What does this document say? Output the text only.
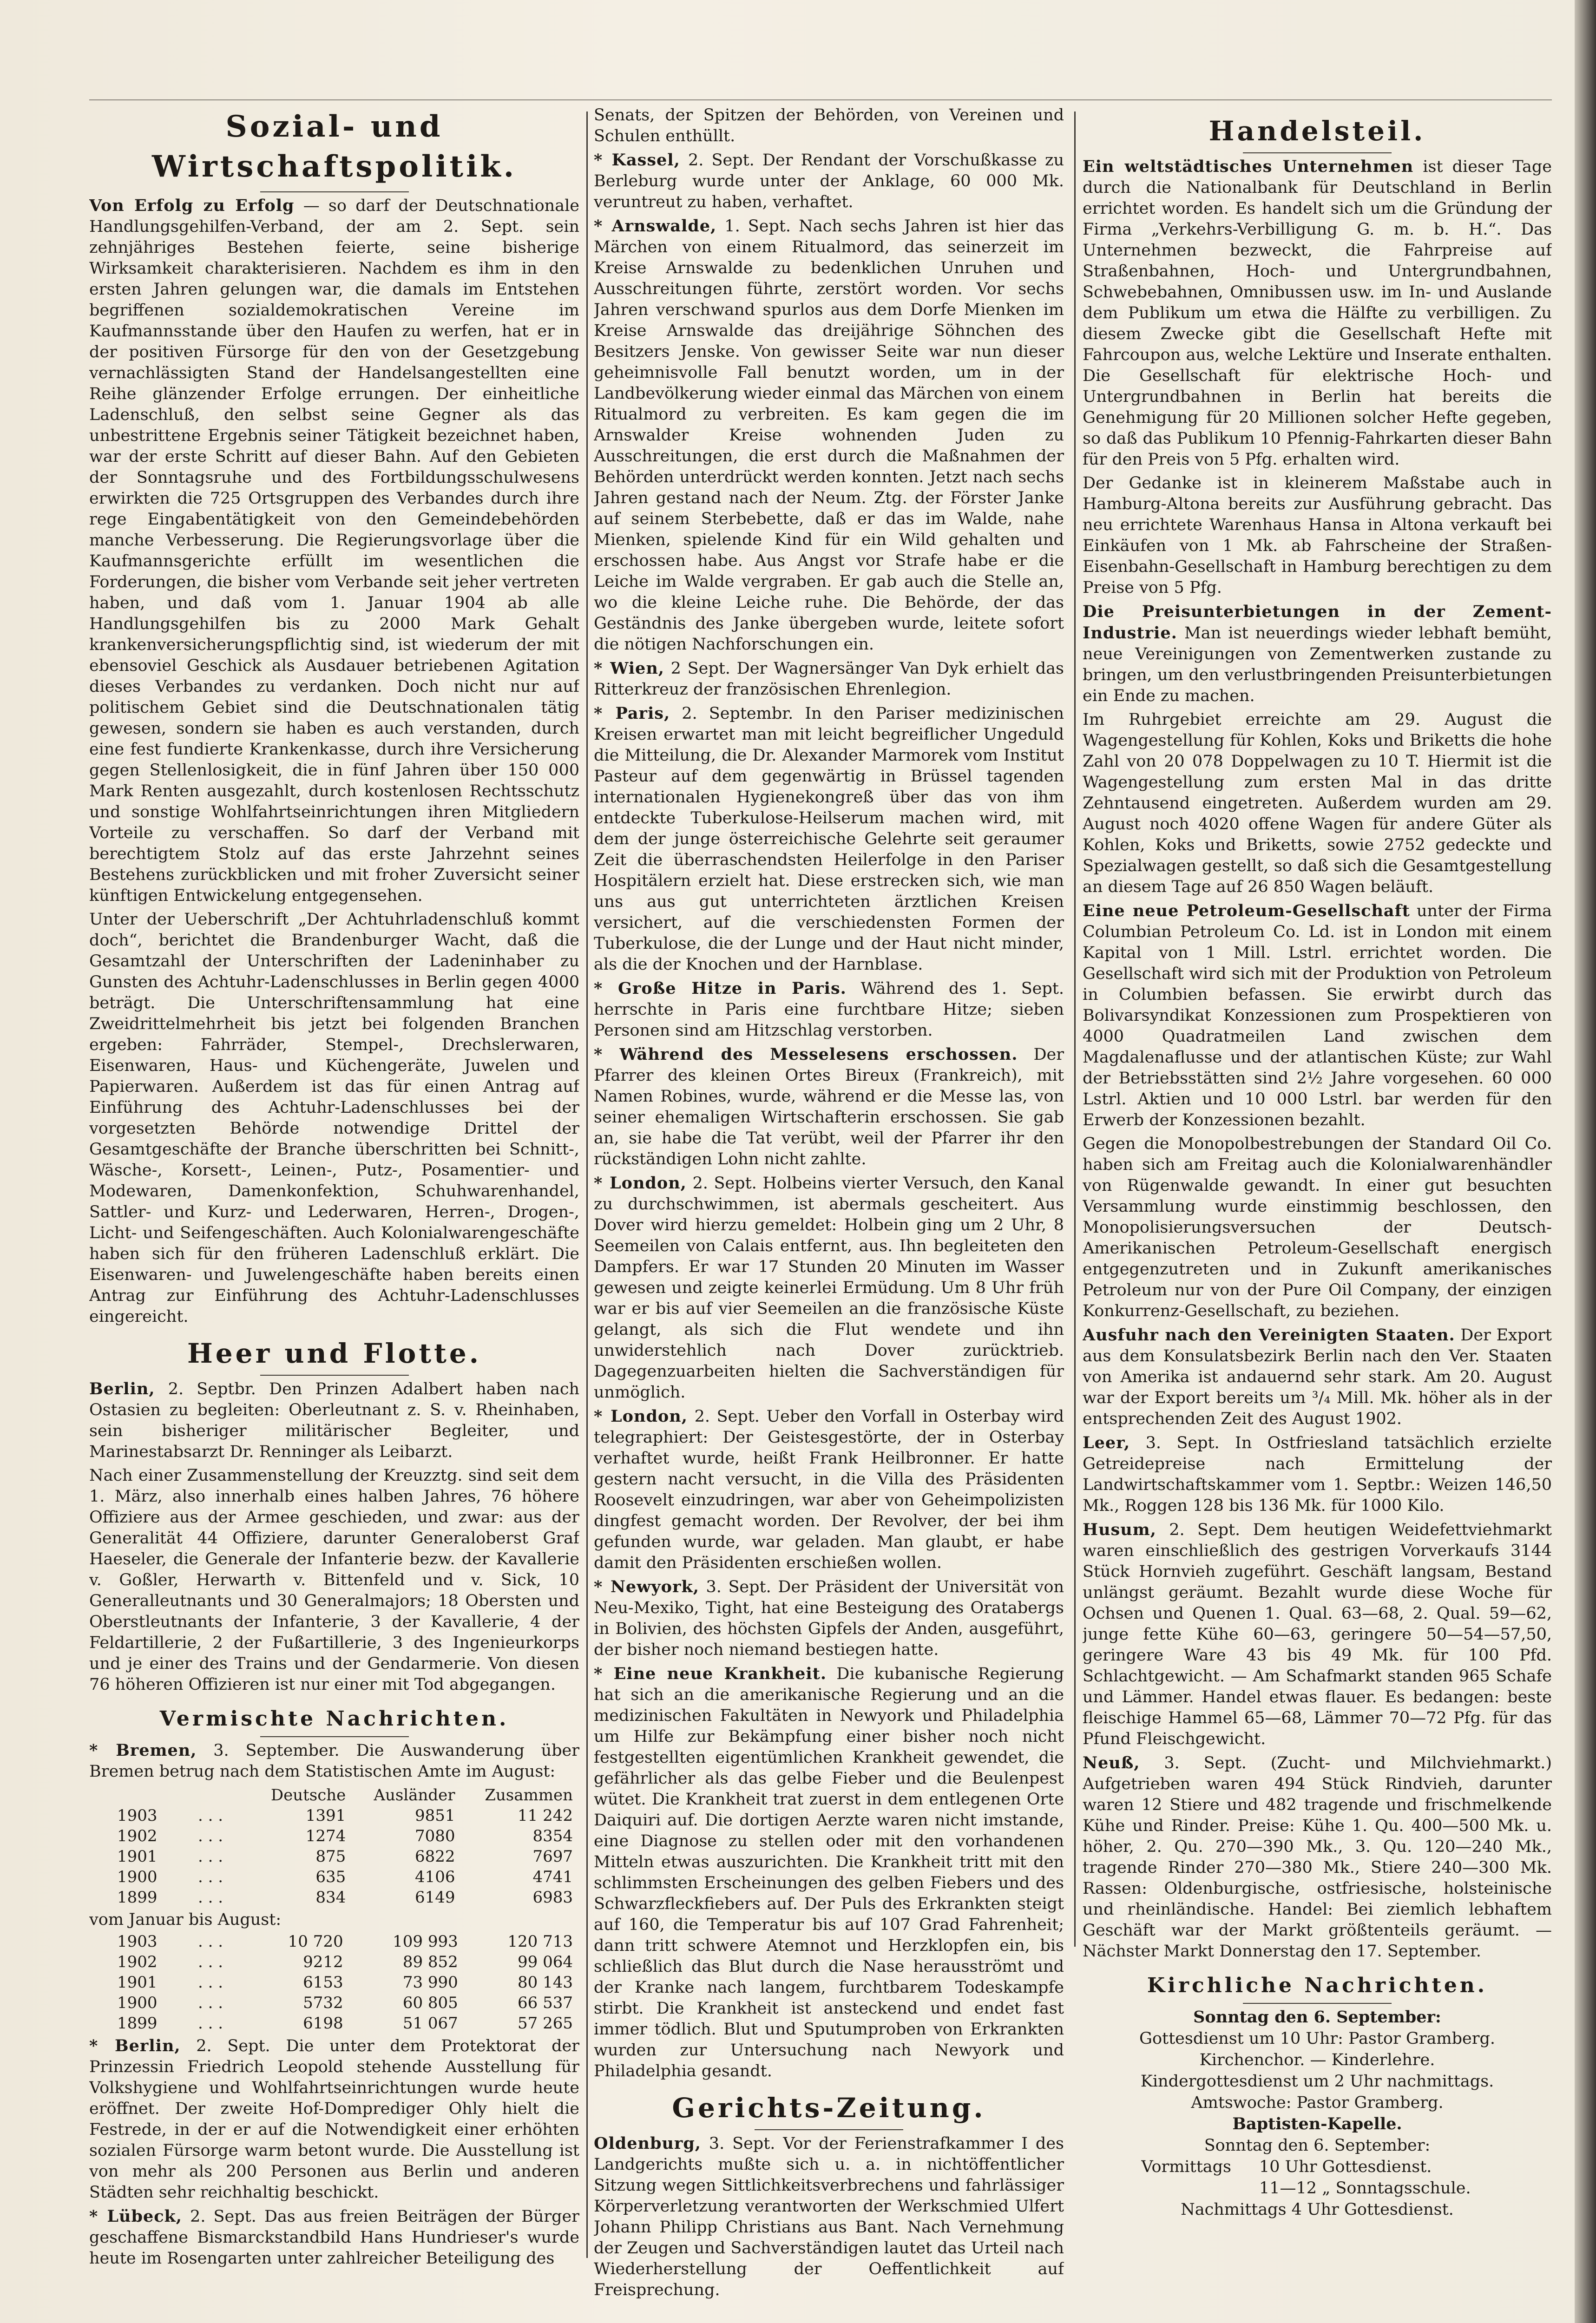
Sozial- und Wirtschaftspolitik.

Von Erfolg zu Erfolg — so darf der Deutschnationale Handlungsgehilfen-Verband, der am 2. Sept. sein zehnjähriges Bestehen feierte, seine bisherige Wirksamkeit charakterisieren. Nachdem es ihm in den ersten Jahren gelungen war, die damals im Entstehen begriffenen sozialdemokratischen Vereine im Kaufmannsstande über den Haufen zu werfen, hat er in der positiven Fürsorge für den von der Gesetzgebung vernachlässigten Stand der Handelsangestellten eine Reihe glänzender Erfolge errungen. Der einheitliche Ladenschluß, den selbst seine Gegner als das unbestrittene Ergebnis seiner Tätigkeit bezeichnet haben, war der erste Schritt auf dieser Bahn. Auf den Gebieten der Sonntagsruhe und des Fortbildungsschulwesens erwirkten die 725 Ortsgruppen des Verbandes durch ihre rege Eingabentätigkeit von den Gemeindebehörden manche Verbesserung. Die Regierungsvorlage über die Kaufmannsgerichte erfüllt im wesentlichen die Forderungen, die bisher vom Verbande seit jeher vertreten haben, und daß vom 1. Januar 1904 ab alle Handlungsgehilfen bis zu 2000 Mark Gehalt krankenversicherungspflichtig sind, ist wiederum der mit ebensoviel Geschick als Ausdauer betriebenen Agitation dieses Verbandes zu verdanken. Doch nicht nur auf politischem Gebiet sind die Deutschnationalen tätig gewesen, sondern sie haben es auch verstanden, durch eine fest fundierte Krankenkasse, durch ihre Versicherung gegen Stellenlosigkeit, die in fünf Jahren über 150 000 Mark Renten ausgezahlt, durch kostenlosen Rechtsschutz und sonstige Wohlfahrtseinrichtungen ihren Mitgliedern Vorteile zu verschaffen. So darf der Verband mit berechtigtem Stolz auf das erste Jahrzehnt seines Bestehens zurückblicken und mit froher Zuversicht seiner künftigen Entwickelung entgegensehen.

Unter der Ueberschrift „Der Achtuhrladenschluß kommt doch“, berichtet die Brandenburger Wacht, daß die Gesamtzahl der Unterschriften der Ladeninhaber zu Gunsten des Achtuhr-Ladenschlusses in Berlin gegen 4000 beträgt. Die Unterschriftensammlung hat eine Zweidrittelmehrheit bis jetzt bei folgenden Branchen ergeben: Fahrräder, Stempel-, Drechslerwaren, Eisenwaren, Haus- und Küchengeräte, Juwelen und Papierwaren. Außerdem ist das für einen Antrag auf Einführung des Achtuhr-Ladenschlusses bei der vorgesetzten Behörde notwendige Drittel der Gesamtgeschäfte der Branche überschritten bei Schnitt-, Wäsche-, Korsett-, Leinen-, Putz-, Posamentier- und Modewaren, Damenkonfektion, Schuhwarenhandel, Sattler- und Kurz- und Lederwaren, Herren-, Drogen-, Licht- und Seifengeschäften. Auch Kolonialwarengeschäfte haben sich für den früheren Ladenschluß erklärt. Die Eisenwaren- und Juwelengeschäfte haben bereits einen Antrag zur Einführung des Achtuhr-Ladenschlusses eingereicht.

Heer und Flotte.

Berlin, 2. Septbr. Den Prinzen Adalbert haben nach Ostasien zu begleiten: Oberleutnant z. S. v. Rheinhaben, sein bisheriger militärischer Begleiter, und Marinestabsarzt Dr. Renninger als Leibarzt.

Nach einer Zusammenstellung der Kreuzztg. sind seit dem 1. März, also innerhalb eines halben Jahres, 76 höhere Offiziere aus der Armee geschieden, und zwar: aus der Generalität 44 Offiziere, darunter Generaloberst Graf Haeseler, die Generale der Infanterie bezw. der Kavallerie v. Goßler, Herwarth v. Bittenfeld und v. Sick, 10 Generalleutnants und 30 Generalmajors; 18 Obersten und Oberstleutnants der Infanterie, 3 der Kavallerie, 4 der Feldartillerie, 2 der Fußartillerie, 3 des Ingenieurkorps und je einer des Trains und der Gendarmerie. Von diesen 76 höheren Offizieren ist nur einer mit Tod abgegangen.

Vermischte Nachrichten.

* Bremen, 3. September. Die Auswanderung über Bremen betrug nach dem Statistischen Amte im August:

		Deutsche	Ausländer	Zusammen
1903	. . .	1391	9851	11 242
1902	. . .	1274	7080	8354
1901	. . .	875	6822	7697
1900	. . .	635	4106	4741
1899	. . .	834	6149	6983

vom Januar bis August:

1903	. . .	10 720	109 993	120 713
1902	. . .	9212	89 852	99 064
1901	. . .	6153	73 990	80 143
1900	. . .	5732	60 805	66 537
1899	. . .	6198	51 067	57 265

* Berlin, 2. Sept. Die unter dem Protektorat der Prinzessin Friedrich Leopold stehende Ausstellung für Volkshygiene und Wohlfahrtseinrichtungen wurde heute eröffnet. Der zweite Hof-Domprediger Ohly hielt die Festrede, in der er auf die Notwendigkeit einer erhöhten sozialen Fürsorge warm betont wurde. Die Ausstellung ist von mehr als 200 Personen aus Berlin und anderen Städten sehr reichhaltig beschickt.

* Lübeck, 2. Sept. Das aus freien Beiträgen der Bürger geschaffene Bismarckstandbild Hans Hundrieser's wurde heute im Rosengarten unter zahlreicher Beteiligung des

Senats, der Spitzen der Behörden, von Vereinen und Schulen enthüllt.

* Kassel, 2. Sept. Der Rendant der Vorschußkasse zu Berleburg wurde unter der Anklage, 60 000 Mk. veruntreut zu haben, verhaftet.

* Arnswalde, 1. Sept. Nach sechs Jahren ist hier das Märchen von einem Ritualmord, das seinerzeit im Kreise Arnswalde zu bedenklichen Unruhen und Ausschreitungen führte, zerstört worden. Vor sechs Jahren verschwand spurlos aus dem Dorfe Mienken im Kreise Arnswalde das dreijährige Söhnchen des Besitzers Jenske. Von gewisser Seite war nun dieser geheimnisvolle Fall benutzt worden, um in der Landbevölkerung wieder einmal das Märchen von einem Ritualmord zu verbreiten. Es kam gegen die im Arnswalder Kreise wohnenden Juden zu Ausschreitungen, die erst durch die Maßnahmen der Behörden unterdrückt werden konnten. Jetzt nach sechs Jahren gestand nach der Neum. Ztg. der Förster Janke auf seinem Sterbebette, daß er das im Walde, nahe Mienken, spielende Kind für ein Wild gehalten und erschossen habe. Aus Angst vor Strafe habe er die Leiche im Walde vergraben. Er gab auch die Stelle an, wo die kleine Leiche ruhe. Die Behörde, der das Geständnis des Janke übergeben wurde, leitete sofort die nötigen Nachforschungen ein.

* Wien, 2 Sept. Der Wagnersänger Van Dyk erhielt das Ritterkreuz der französischen Ehrenlegion.

* Paris, 2. Septembr. In den Pariser medizinischen Kreisen erwartet man mit leicht begreiflicher Ungeduld die Mitteilung, die Dr. Alexander Marmorek vom Institut Pasteur auf dem gegenwärtig in Brüssel tagenden internationalen Hygienekongreß über das von ihm entdeckte Tuberkulose-Heilserum machen wird, mit dem der junge österreichische Gelehrte seit geraumer Zeit die überraschendsten Heilerfolge in den Pariser Hospitälern erzielt hat. Diese erstrecken sich, wie man uns aus gut unterrichteten ärztlichen Kreisen versichert, auf die verschiedensten Formen der Tuberkulose, die der Lunge und der Haut nicht minder, als die der Knochen und der Harnblase.

* Große Hitze in Paris. Während des 1. Sept. herrschte in Paris eine furchtbare Hitze; sieben Personen sind am Hitzschlag verstorben.

* Während des Messelesens erschossen. Der Pfarrer des kleinen Ortes Bireux (Frankreich), mit Namen Robines, wurde, während er die Messe las, von seiner ehemaligen Wirtschafterin erschossen. Sie gab an, sie habe die Tat verübt, weil der Pfarrer ihr den rückständigen Lohn nicht zahlte.

* London, 2. Sept. Holbeins vierter Versuch, den Kanal zu durchschwimmen, ist abermals gescheitert. Aus Dover wird hierzu gemeldet: Holbein ging um 2 Uhr, 8 Seemeilen von Calais entfernt, aus. Ihn begleiteten den Dampfers. Er war 17 Stunden 20 Minuten im Wasser gewesen und zeigte keinerlei Ermüdung. Um 8 Uhr früh war er bis auf vier Seemeilen an die französische Küste gelangt, als sich die Flut wendete und ihn unwiderstehlich nach Dover zurücktrieb. Dagegenzuarbeiten hielten die Sachverständigen für unmöglich.

* London, 2. Sept. Ueber den Vorfall in Osterbay wird telegraphiert: Der Geistesgestörte, der in Osterbay verhaftet wurde, heißt Frank Heilbronner. Er hatte gestern nacht versucht, in die Villa des Präsidenten Roosevelt einzudringen, war aber von Geheimpolizisten dingfest gemacht worden. Der Revolver, der bei ihm gefunden wurde, war geladen. Man glaubt, er habe damit den Präsidenten erschießen wollen.

* Newyork, 3. Sept. Der Präsident der Universität von Neu-Mexiko, Tight, hat eine Besteigung des Oratabergs in Bolivien, des höchsten Gipfels der Anden, ausgeführt, der bisher noch niemand bestiegen hatte.

* Eine neue Krankheit. Die kubanische Regierung hat sich an die amerikanische Regierung und an die medizinischen Fakultäten in Newyork und Philadelphia um Hilfe zur Bekämpfung einer bisher noch nicht festgestellten eigentümlichen Krankheit gewendet, die gefährlicher als das gelbe Fieber und die Beulenpest wütet. Die Krankheit trat zuerst in dem entlegenen Orte Daiquiri auf. Die dortigen Aerzte waren nicht imstande, eine Diagnose zu stellen oder mit den vorhandenen Mitteln etwas auszurichten. Die Krankheit tritt mit den schlimmsten Erscheinungen des gelben Fiebers und des Schwarzfleckfiebers auf. Der Puls des Erkrankten steigt auf 160, die Temperatur bis auf 107 Grad Fahrenheit; dann tritt schwere Atemnot und Herzklopfen ein, bis schließlich das Blut durch die Nase herausströmt und der Kranke nach langem, furchtbarem Todeskampfe stirbt. Die Krankheit ist ansteckend und endet fast immer tödlich. Blut und Sputumproben von Erkrankten wurden zur Untersuchung nach Newyork und Philadelphia gesandt.

Gerichts-Zeitung.

Oldenburg, 3. Sept. Vor der Ferienstrafkammer I des Landgerichts mußte sich u. a. in nichtöffentlicher Sitzung wegen Sittlichkeitsverbrechens und fahrlässiger Körperverletzung verantworten der Werkschmied Ulfert Johann Philipp Christians aus Bant. Nach Vernehmung der Zeugen und Sachverständigen lautet das Urteil nach Wiederherstellung der Oeffentlichkeit auf Freisprechung.

Handelsteil.

Ein weltstädtisches Unternehmen ist dieser Tage durch die Nationalbank für Deutschland in Berlin errichtet worden. Es handelt sich um die Gründung der Firma „Verkehrs-Verbilligung G. m. b. H.“. Das Unternehmen bezweckt, die Fahrpreise auf Straßenbahnen, Hoch- und Untergrundbahnen, Schwebebahnen, Omnibussen usw. im In- und Auslande dem Publikum um etwa die Hälfte zu verbilligen. Zu diesem Zwecke gibt die Gesellschaft Hefte mit Fahrcoupon aus, welche Lektüre und Inserate enthalten. Die Gesellschaft für elektrische Hoch- und Untergrundbahnen in Berlin hat bereits die Genehmigung für 20 Millionen solcher Hefte gegeben, so daß das Publikum 10 Pfennig-Fahrkarten dieser Bahn für den Preis von 5 Pfg. erhalten wird.

Der Gedanke ist in kleinerem Maßstabe auch in Hamburg-Altona bereits zur Ausführung gebracht. Das neu errichtete Warenhaus Hansa in Altona verkauft bei Einkäufen von 1 Mk. ab Fahrscheine der Straßen-Eisenbahn-Gesellschaft in Hamburg berechtigen zu dem Preise von 5 Pfg.

Die Preisunterbietungen in der Zement-Industrie. Man ist neuerdings wieder lebhaft bemüht, neue Vereinigungen von Zementwerken zustande zu bringen, um den verlustbringenden Preisunterbietungen ein Ende zu machen.

Im Ruhrgebiet erreichte am 29. August die Wagengestellung für Kohlen, Koks und Briketts die hohe Zahl von 20 078 Doppelwagen zu 10 T. Hiermit ist die Wagengestellung zum ersten Mal in das dritte Zehntausend eingetreten. Außerdem wurden am 29. August noch 4020 offene Wagen für andere Güter als Kohlen, Koks und Briketts, sowie 2752 gedeckte und Spezialwagen gestellt, so daß sich die Gesamtgestellung an diesem Tage auf 26 850 Wagen beläuft.

Eine neue Petroleum-Gesellschaft unter der Firma Columbian Petroleum Co. Ld. ist in London mit einem Kapital von 1 Mill. Lstrl. errichtet worden. Die Gesellschaft wird sich mit der Produktion von Petroleum in Columbien befassen. Sie erwirbt durch das Bolivarsyndikat Konzessionen zum Prospektieren von 4000 Quadratmeilen Land zwischen dem Magdalenaflusse und der atlantischen Küste; zur Wahl der Betriebsstätten sind 2½ Jahre vorgesehen. 60 000 Lstrl. Aktien und 10 000 Lstrl. bar werden für den Erwerb der Konzessionen bezahlt.

Gegen die Monopolbestrebungen der Standard Oil Co. haben sich am Freitag auch die Kolonialwarenhändler von Rügenwalde gewandt. In einer gut besuchten Versammlung wurde einstimmig beschlossen, den Monopolisierungsversuchen der Deutsch-Amerikanischen Petroleum-Gesellschaft energisch entgegenzutreten und in Zukunft amerikanisches Petroleum nur von der Pure Oil Company, der einzigen Konkurrenz-Gesellschaft, zu beziehen.

Ausfuhr nach den Vereinigten Staaten. Der Export aus dem Konsulatsbezirk Berlin nach den Ver. Staaten von Amerika ist andauernd sehr stark. Am 20. August war der Export bereits um ³/₄ Mill. Mk. höher als in der entsprechenden Zeit des August 1902.

Leer, 3. Sept. In Ostfriesland tatsächlich erzielte Getreidepreise nach Ermittelung der Landwirtschaftskammer vom 1. Septbr.: Weizen 146,50 Mk., Roggen 128 bis 136 Mk. für 1000 Kilo.

Husum, 2. Sept. Dem heutigen Weidefettviehmarkt waren einschließlich des gestrigen Vorverkaufs 3144 Stück Hornvieh zugeführt. Geschäft langsam, Bestand unlängst geräumt. Bezahlt wurde diese Woche für Ochsen und Quenen 1. Qual. 63—68, 2. Qual. 59—62, junge fette Kühe 60—63, geringere 50—54—57,50, geringere Ware 43 bis 49 Mk. für 100 Pfd. Schlachtgewicht. — Am Schafmarkt standen 965 Schafe und Lämmer. Handel etwas flauer. Es bedangen: beste fleischige Hammel 65—68, Lämmer 70—72 Pfg. für das Pfund Fleischgewicht.

Neuß, 3. Sept. (Zucht- und Milchviehmarkt.) Aufgetrieben waren 494 Stück Rindvieh, darunter waren 12 Stiere und 482 tragende und frischmelkende Kühe und Rinder. Preise: Kühe 1. Qu. 400—500 Mk. u. höher, 2. Qu. 270—390 Mk., 3. Qu. 120—240 Mk., tragende Rinder 270—380 Mk., Stiere 240—300 Mk. Rassen: Oldenburgische, ostfriesische, holsteinische und rheinländische. Handel: Bei ziemlich lebhaftem Geschäft war der Markt größtenteils geräumt. — Nächster Markt Donnerstag den 17. September.

Kirchliche Nachrichten.

Sonntag den 6. September:

Gottesdienst um 10 Uhr: Pastor Gramberg.

Kirchenchor. — Kinderlehre.

Kindergottesdienst um 2 Uhr nachmittags.

Amtswoche: Pastor Gramberg.

Baptisten-Kapelle.

Sonntag den 6. September:

Vormittags	10 Uhr Gottesdienst.
11—12 „ Sonntagsschule.

Nachmittags 4 Uhr Gottesdienst.
